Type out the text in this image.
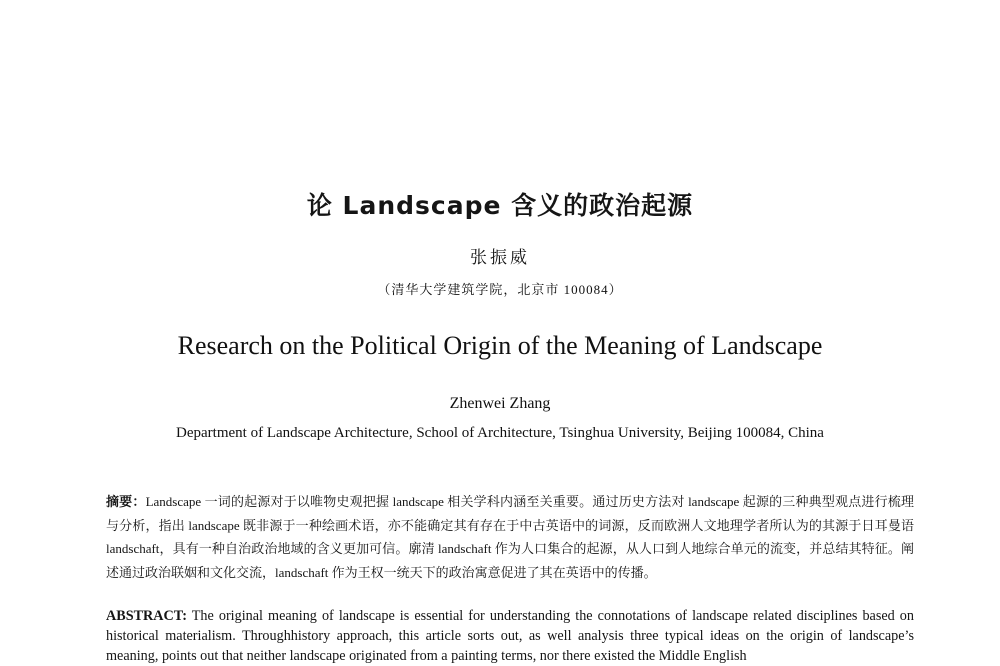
论 Landscape 含义的政治起源
张振威
（清华大学建筑学院，北京市 100084）
Research on the Political Origin of the Meaning of Landscape
Zhenwei Zhang
Department of Landscape Architecture, School of Architecture, Tsinghua University, Beijing 100084, China
摘要：Landscape 一词的起源对于以唯物史观把握 landscape 相关学科内涵至关重要。通过历史方法对 landscape 起源的三种典型观点进行梳理与分析，指出 landscape 既非源于一种绘画术语，亦不能确定其有存在于中古英语中的词源，反而欧洲人文地理学者所认为的其源于日耳曼语 landschaft，具有一种自治政治地域的含义更加可信。廓清 landschaft 作为人口集合的起源，从人口到人地综合单元的流变，并总结其特征。阐述通过政治联姻和文化交流，landschaft 作为王权一统天下的政治寓意促进了其在英语中的传播。
ABSTRACT: The original meaning of landscape is essential for understanding the connotations of landscape related disciplines based on historical materialism. Throughhistory approach, this article sorts out, as well analysis three typical ideas on the origin of landscape’s meaning, points out that neither landscape originated from a painting terms, nor there existed the Middle English
